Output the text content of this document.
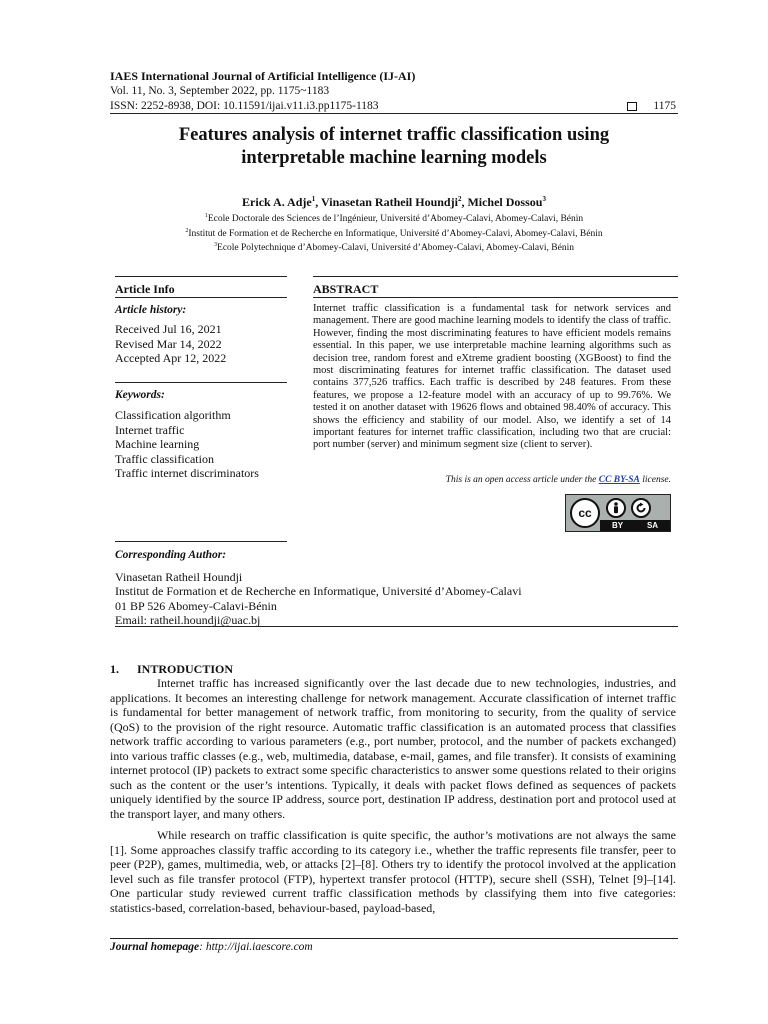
IAES International Journal of Artificial Intelligence (IJ-AI)
Vol. 11, No. 3, September 2022, pp. 1175~1183
ISSN: 2252-8938, DOI: 10.11591/ijai.v11.i3.pp1175-1183	1175
Features analysis of internet traffic classification using
interpretable machine learning models
Erick A. Adje$^1$, Vinasetan Ratheil Houndji$^2$, Michel Dossou$^3$
$^1$Ecole Doctorale des Sciences de l’Ingénieur, Université d’Abomey-Calavi, Abomey-Calavi, Bénin
$^2$Institut de Formation et de Recherche en Informatique, Université d’Abomey-Calavi, Abomey-Calavi, Bénin
$^3$Ecole Polytechnique d’Abomey-Calavi, Université d’Abomey-Calavi, Abomey-Calavi, Bénin
Article Info	ABSTRACT
Article history:
Received Jul 16, 2021
Revised Mar 14, 2022
Accepted Apr 12, 2022
Keywords:
Classification algorithm
Internet traffic
Machine learning
Traffic classification
Traffic internet discriminators
Internet traffic classification is a fundamental task for network services and management. There are good machine learning models to identify the class of traffic. However, finding the most discriminating features to have efficient models remains essential. In this paper, we use interpretable machine learning algorithms such as decision tree, random forest and eXtreme gradient boosting (XGBoost) to find the most discriminating features for internet traffic classification. The dataset used contains 377,526 traffics. Each traffic is described by 248 features. From these features, we propose a 12-feature model with an accuracy of up to 99.76%. We tested it on another dataset with 19626 flows and obtained 98.40% of accuracy. This shows the efficiency and stability of our model. Also, we identify a set of 14 important features for internet traffic classification, including two that are crucial: port number (server) and minimum segment size (client to server).
This is an open access article under the CC BY-SA license.
cc
BY	SA
Corresponding Author:
Vinasetan Ratheil Houndji
Institut de Formation et de Recherche en Informatique, Université d’Abomey-Calavi
01 BP 526 Abomey-Calavi-Bénin
Email: ratheil.houndji@uac.bj
1. INTRODUCTION

Internet traffic has increased significantly over the last decade due to new technologies, industries, and applications. It becomes an interesting challenge for network management. Accurate classification of internet traffic is fundamental for better management of network traffic, from monitoring to security, from the quality of service (QoS) to the provision of the right resource. Automatic traffic classification is an automated process that classifies network traffic according to various parameters (e.g., port number, protocol, and the number of packets exchanged) into various traffic classes (e.g., web, multimedia, database, e-mail, games, and file transfer). It consists of examining internet protocol (IP) packets to extract some specific characteristics to answer some questions related to their origins such as the content or the user’s intentions. Typically, it deals with packet flows defined as sequences of packets uniquely identified by the source IP address, source port, destination IP address, destination port and protocol used at the transport layer, and many others.

While research on traffic classification is quite specific, the author’s motivations are not always the same [1]. Some approaches classify traffic according to its category i.e., whether the traffic represents file transfer, peer to peer (P2P), games, multimedia, web, or attacks [2]–[8]. Others try to identify the protocol involved at the application level such as file transfer protocol (FTP), hypertext transfer protocol (HTTP), secure shell (SSH), Telnet [9]–[14]. One particular study reviewed current traffic classification methods by classifying them into five categories: statistics-based, correlation-based, behaviour-based, payload-based,

Journal homepage: http://ijai.iaescore.com
